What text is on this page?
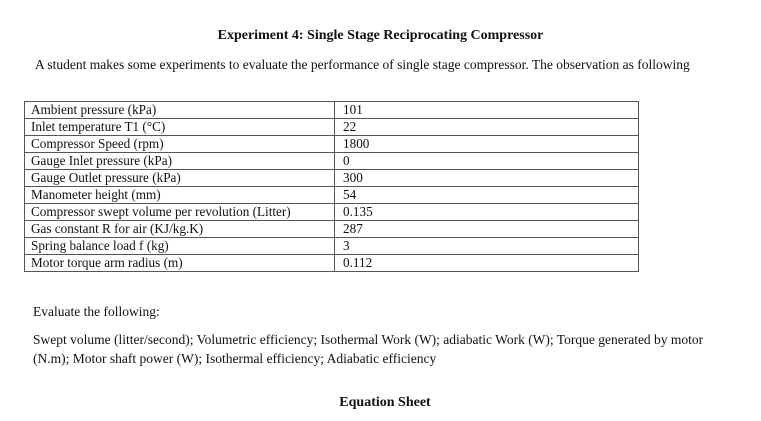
Experiment 4: Single Stage Reciprocating Compressor
A student makes some experiments to evaluate the performance of single stage compressor. The observation as following
Ambient pressure (kPa)	101
Inlet temperature T1 (°C)	22
Compressor Speed (rpm)	1800
Gauge Inlet pressure (kPa)	0
Gauge Outlet pressure (kPa)	300
Manometer height (mm)	54
Compressor swept volume per revolution (Litter)	0.135
Gas constant R for air (KJ/kg.K)	287
Spring balance load f (kg)	3
Motor torque arm radius (m)	0.112
Evaluate the following:
Swept volume (litter/second); Volumetric efficiency; Isothermal Work (W); adiabatic Work (W); Torque generated by motor (N.m); Motor shaft power (W); Isothermal efficiency; Adiabatic efficiency
Equation Sheet
